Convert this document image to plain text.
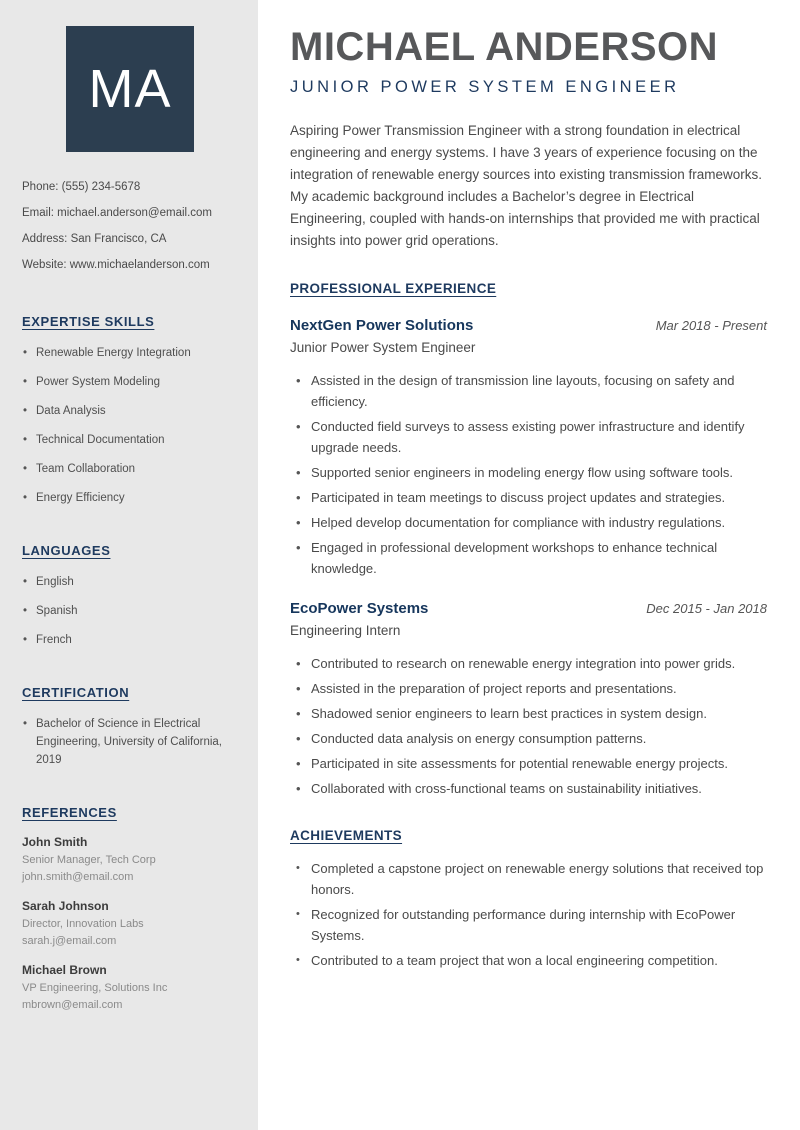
MA
Phone: (555) 234-5678
Email: michael.anderson@email.com
Address: San Francisco, CA
Website: www.michaelanderson.com
EXPERTISE SKILLS
• Renewable Energy Integration
• Power System Modeling
• Data Analysis
• Technical Documentation
• Team Collaboration
• Energy Efficiency
LANGUAGES
• English
• Spanish
• French
CERTIFICATION
• Bachelor of Science in Electrical Engineering, University of California, 2019
REFERENCES
John Smith
Senior Manager, Tech Corp
john.smith@email.com
Sarah Johnson
Director, Innovation Labs
sarah.j@email.com
Michael Brown
VP Engineering, Solutions Inc
mbrown@email.com
MICHAEL ANDERSON
JUNIOR POWER SYSTEM ENGINEER

Aspiring Power Transmission Engineer with a strong foundation in electrical engineering and energy systems. I have 3 years of experience focusing on the integration of renewable energy sources into existing transmission frameworks. My academic background includes a Bachelor’s degree in Electrical Engineering, coupled with hands-on internships that provided me with practical insights into power grid operations.

PROFESSIONAL EXPERIENCE
NextGen Power Solutions	Mar 2018 - Present
Junior Power System Engineer
• Assisted in the design of transmission line layouts, focusing on safety and efficiency.
• Conducted field surveys to assess existing power infrastructure and identify upgrade needs.
• Supported senior engineers in modeling energy flow using software tools.
• Participated in team meetings to discuss project updates and strategies.
• Helped develop documentation for compliance with industry regulations.
• Engaged in professional development workshops to enhance technical knowledge.
EcoPower Systems	Dec 2015 - Jan 2018
Engineering Intern
• Contributed to research on renewable energy integration into power grids.
• Assisted in the preparation of project reports and presentations.
• Shadowed senior engineers to learn best practices in system design.
• Conducted data analysis on energy consumption patterns.
• Participated in site assessments for potential renewable energy projects.
• Collaborated with cross-functional teams on sustainability initiatives.
ACHIEVEMENTS
• Completed a capstone project on renewable energy solutions that received top honors.
• Recognized for outstanding performance during internship with EcoPower Systems.
• Contributed to a team project that won a local engineering competition.
